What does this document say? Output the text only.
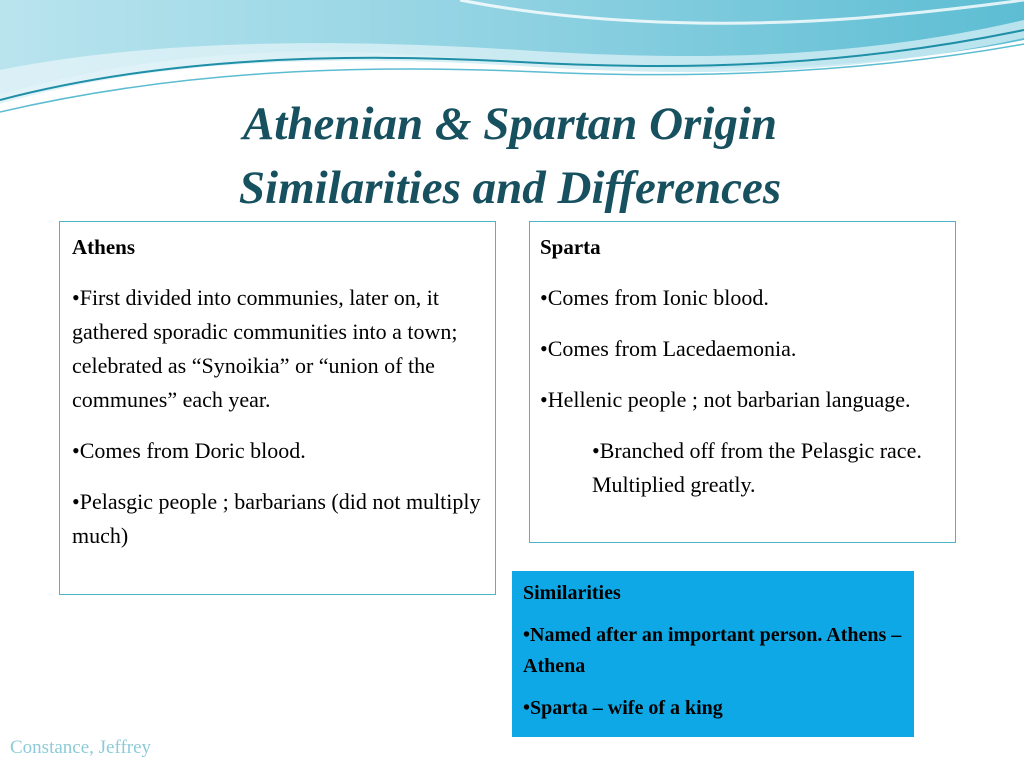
Athenian & Spartan Origin
Similarities and Differences

Athens

•First divided into communies, later on, it gathered sporadic communities into a town; celebrated as “Synoikia” or “union of the communes” each year.

•Comes from Doric blood.

•Pelasgic people ; barbarians (did not multiply much)

Sparta

•Comes from Ionic blood.

•Comes from Lacedaemonia.

•Hellenic people ; not barbarian language.

•Branched off from the Pelasgic race. Multiplied greatly.

Similarities

•Named after an important person. Athens – Athena

•Sparta – wife of a king

Constance, Jeffrey
